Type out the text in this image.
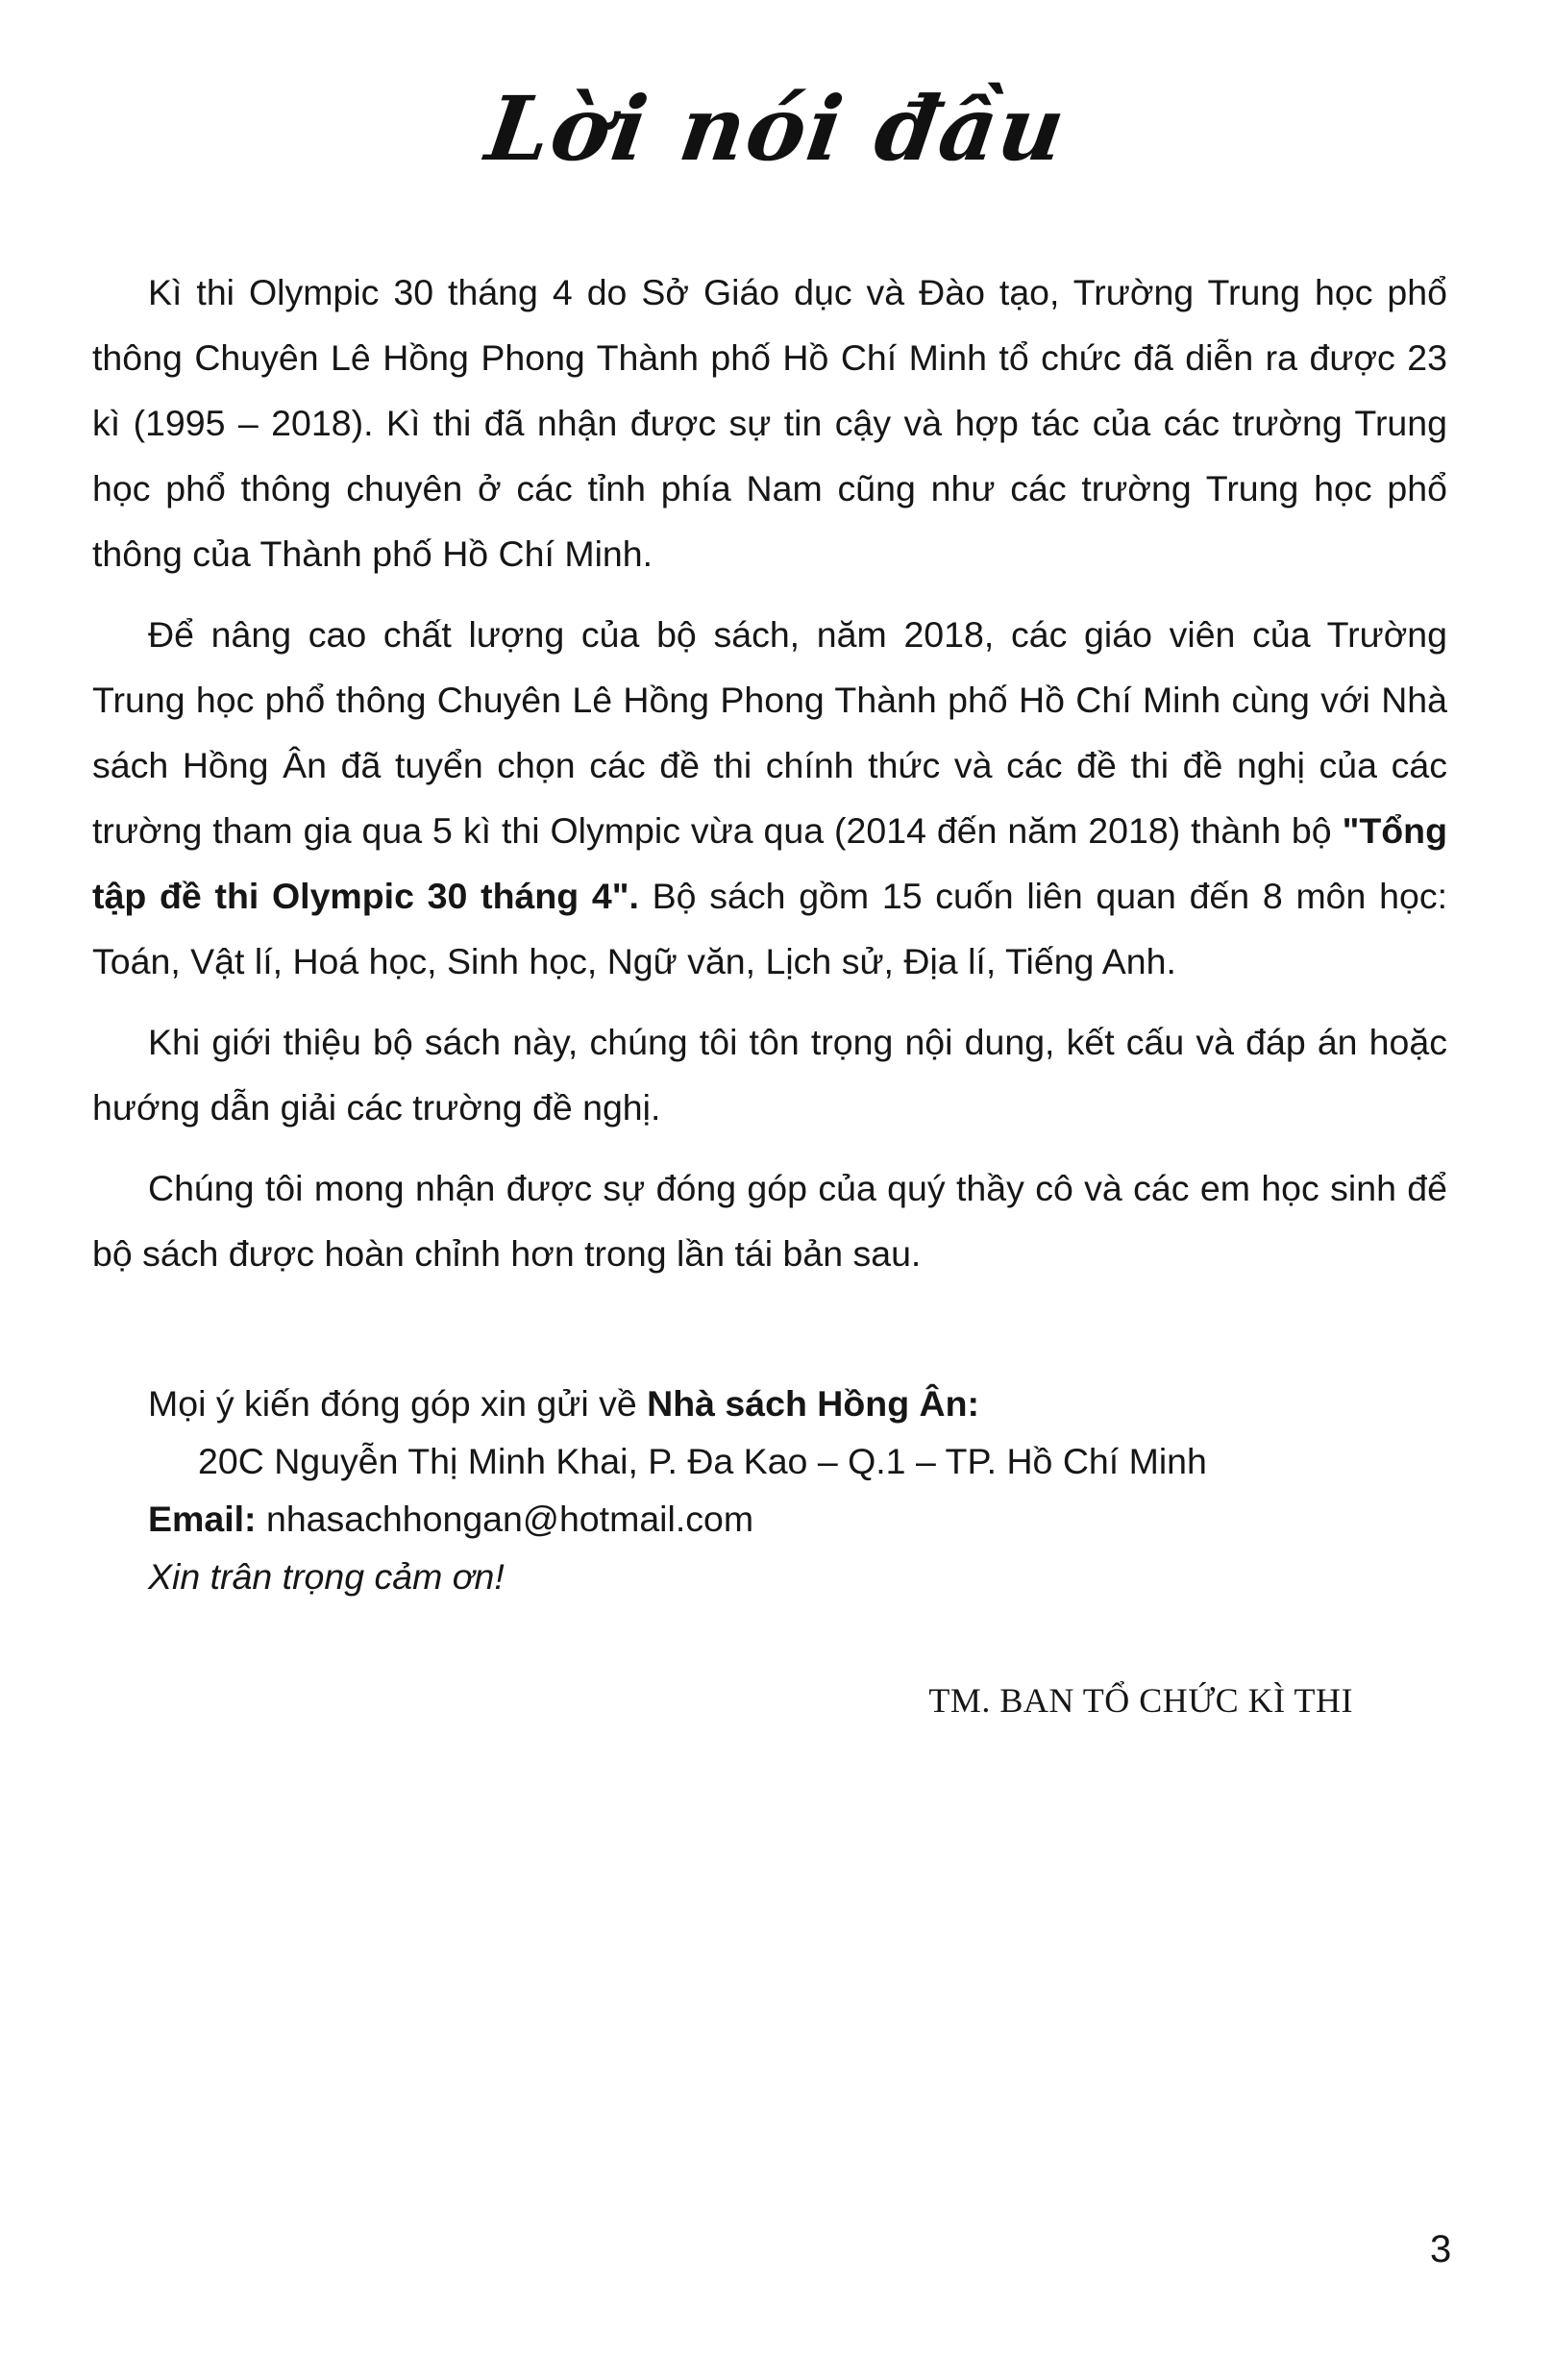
Lời nói đầu

Kì thi Olympic 30 tháng 4 do Sở Giáo dục và Đào tạo, Trường Trung học phổ thông Chuyên Lê Hồng Phong Thành phố Hồ Chí Minh tổ chức đã diễn ra được 23 kì (1995 – 2018). Kì thi đã nhận được sự tin cậy và hợp tác của các trường Trung học phổ thông chuyên ở các tỉnh phía Nam cũng như các trường Trung học phổ thông của Thành phố Hồ Chí Minh.

Để nâng cao chất lượng của bộ sách, năm 2018, các giáo viên của Trường Trung học phổ thông Chuyên Lê Hồng Phong Thành phố Hồ Chí Minh cùng với Nhà sách Hồng Ân đã tuyển chọn các đề thi chính thức và các đề thi đề nghị của các trường tham gia qua 5 kì thi Olympic vừa qua (2014 đến năm 2018) thành bộ "Tổng tập đề thi Olympic 30 tháng 4". Bộ sách gồm 15 cuốn liên quan đến 8 môn học: Toán, Vật lí, Hoá học, Sinh học, Ngữ văn, Lịch sử, Địa lí, Tiếng Anh.

Khi giới thiệu bộ sách này, chúng tôi tôn trọng nội dung, kết cấu và đáp án hoặc hướng dẫn giải các trường đề nghị.

Chúng tôi mong nhận được sự đóng góp của quý thầy cô và các em học sinh để bộ sách được hoàn chỉnh hơn trong lần tái bản sau.

Mọi ý kiến đóng góp xin gửi về Nhà sách Hồng Ân:
20C Nguyễn Thị Minh Khai, P. Đa Kao – Q.1 – TP. Hồ Chí Minh
Email: nhasachhongan@hotmail.com
Xin trân trọng cảm ơn!
TM. BAN TỔ CHỨC KÌ THI
3
